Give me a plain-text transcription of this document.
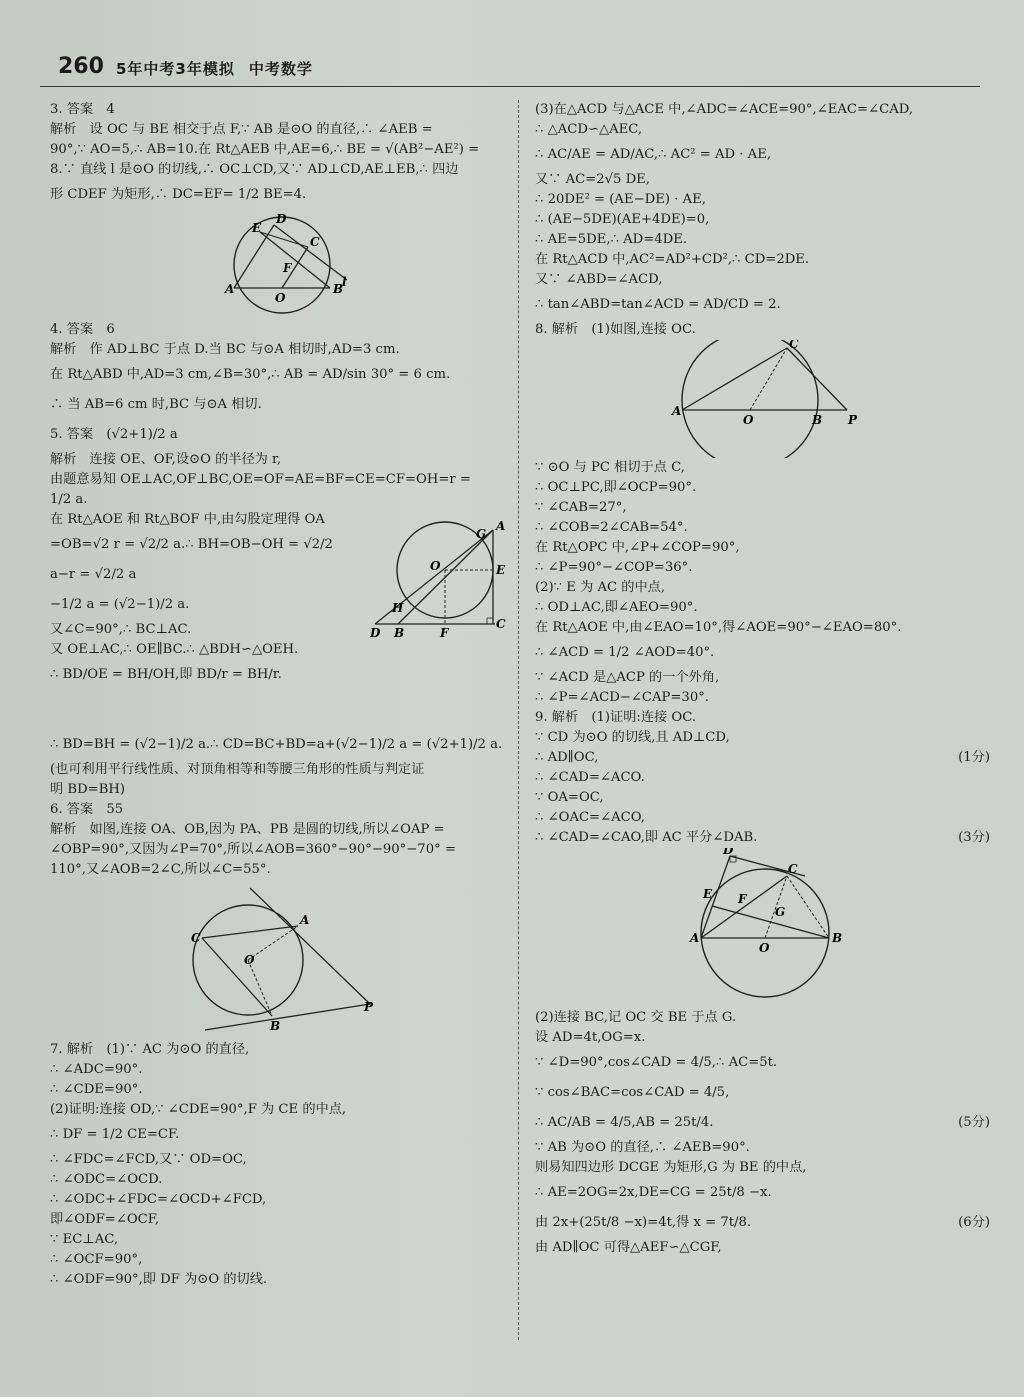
260 5年中考3年模拟 中考数学
3. 答案　4
解析　设 OC 与 BE 相交于点 F,∵ AB 是⊙O 的直径,∴ ∠AEB =
90°,∵ AO=5,∴ AB=10.在 Rt△AEB 中,AE=6,∴ BE = √(AB²−AE²) =
8.∵ 直线 l 是⊙O 的切线,∴ OC⊥CD,又∵ AD⊥CD,AE⊥EB,∴ 四边
形 CDEF 为矩形,∴ DC=EF= 1/2 BE=4.
A	B
C
D
E
F
O
l
4. 答案　6
解析　作 AD⊥BC 于点 D.当 BC 与⊙A 相切时,AD=3 cm.
在 Rt△ABD 中,AD=3 cm,∠B=30°,∴ AB = AD/sin 30° = 6 cm.
∴ 当 AB=6 cm 时,BC 与⊙A 相切.
5. 答案　(√2+1)/2 a
解析　连接 OE、OF,设⊙O 的半径为 r,
由题意易知 OE⊥AC,OF⊥BC,OE=OF=AE=BF=CE=CF=OH=r =
1/2 a.
在 Rt△AOE 和 Rt△BOF 中,由勾股定理得 OA
=OB=√2 r = √2/2 a.∴ BH=OB−OH = √2/2 a−r = √2/2 a
−1/2 a = (√2−1)/2 a.
又∠C=90°,∴ BC⊥AC.
又 OE⊥AC,∴ OE∥BC.∴ △BDH∽△OEH.
∴ BD/OE = BH/OH,即 BD/r = BH/r.
D B	F
C
E
A
G
O
H
∴ BD=BH = (√2−1)/2 a.∴ CD=BC+BD=a+(√2−1)/2 a = (√2+1)/2 a.
(也可利用平行线性质、对顶角相等和等腰三角形的性质与判定证
明 BD=BH)
6. 答案　55
解析　如图,连接 OA、OB,因为 PA、PB 是圆的切线,所以∠OAP =
∠OBP=90°,又因为∠P=70°,所以∠AOB=360°−90°−90°−70° =
110°,又∠AOB=2∠C,所以∠C=55°.
C
A
O
B
P
7. 解析　(1)∵ AC 为⊙O 的直径,
∴ ∠ADC=90°.
∴ ∠CDE=90°.
(2)证明:连接 OD,∵ ∠CDE=90°,F 为 CE 的中点,
∴ DF = 1/2 CE=CF.
∴ ∠FDC=∠FCD,又∵ OD=OC,
∴ ∠ODC=∠OCD.
∴ ∠ODC+∠FDC=∠OCD+∠FCD,
即∠ODF=∠OCF,
∵ EC⊥AC,
∴ ∠OCF=90°,
∴ ∠ODF=90°,即 DF 为⊙O 的切线.
(3)在△ACD 与△ACE 中,∠ADC=∠ACE=90°,∠EAC=∠CAD,
∴ △ACD∽△AEC,
∴ AC/AE = AD/AC,∴ AC² = AD · AE,
又∵ AC=2√5 DE,
∴ 20DE² = (AE−DE) · AE,
∴ (AE−5DE)(AE+4DE)=0,
∴ AE=5DE,∴ AD=4DE.
在 Rt△ACD 中,AC²=AD²+CD²,∴ CD=2DE.
又∵ ∠ABD=∠ACD,
∴ tan∠ABD=tan∠ACD = AD/CD = 2.
8. 解析　(1)如图,连接 OC.
A
O	B P
C
∵ ⊙O 与 PC 相切于点 C,
∴ OC⊥PC,即∠OCP=90°.
∵ ∠CAB=27°,
∴ ∠COB=2∠CAB=54°.
在 Rt△OPC 中,∠P+∠COP=90°,
∴ ∠P=90°−∠COP=36°.
(2)∵ E 为 AC 的中点,
∴ OD⊥AC,即∠AEO=90°.
在 Rt△AOE 中,由∠EAO=10°,得∠AOE=90°−∠EAO=80°.
∴ ∠ACD = 1/2 ∠AOD=40°.
∵ ∠ACD 是△ACP 的一个外角,
∴ ∠P=∠ACD−∠CAP=30°.
9. 解析　(1)证明:连接 OC.
∵ CD 为⊙O 的切线,且 AD⊥CD,
∴ AD∥OC,	(1分)
∴ ∠CAD=∠ACO.
∵ OA=OC,
∴ ∠OAC=∠ACO,
∴ ∠CAD=∠CAO,即 AC 平分∠DAB.	(3分)
A	B
C
D
E F
G
O
(2)连接 BC,记 OC 交 BE 于点 G.
设 AD=4t,OG=x.
∵ ∠D=90°,cos∠CAD = 4/5,∴ AC=5t.
∵ cos∠BAC=cos∠CAD = 4/5,
∴ AC/AB = 4/5,AB = 25t/4.	(5分)
∵ AB 为⊙O 的直径,∴ ∠AEB=90°.
则易知四边形 DCGE 为矩形,G 为 BE 的中点,
∴ AE=2OG=2x,DE=CG = 25t/8 −x.
由 2x+(25t/8 −x)=4t,得 x = 7t/8.	(6分)
由 AD∥OC 可得△AEF∽△CGF,
